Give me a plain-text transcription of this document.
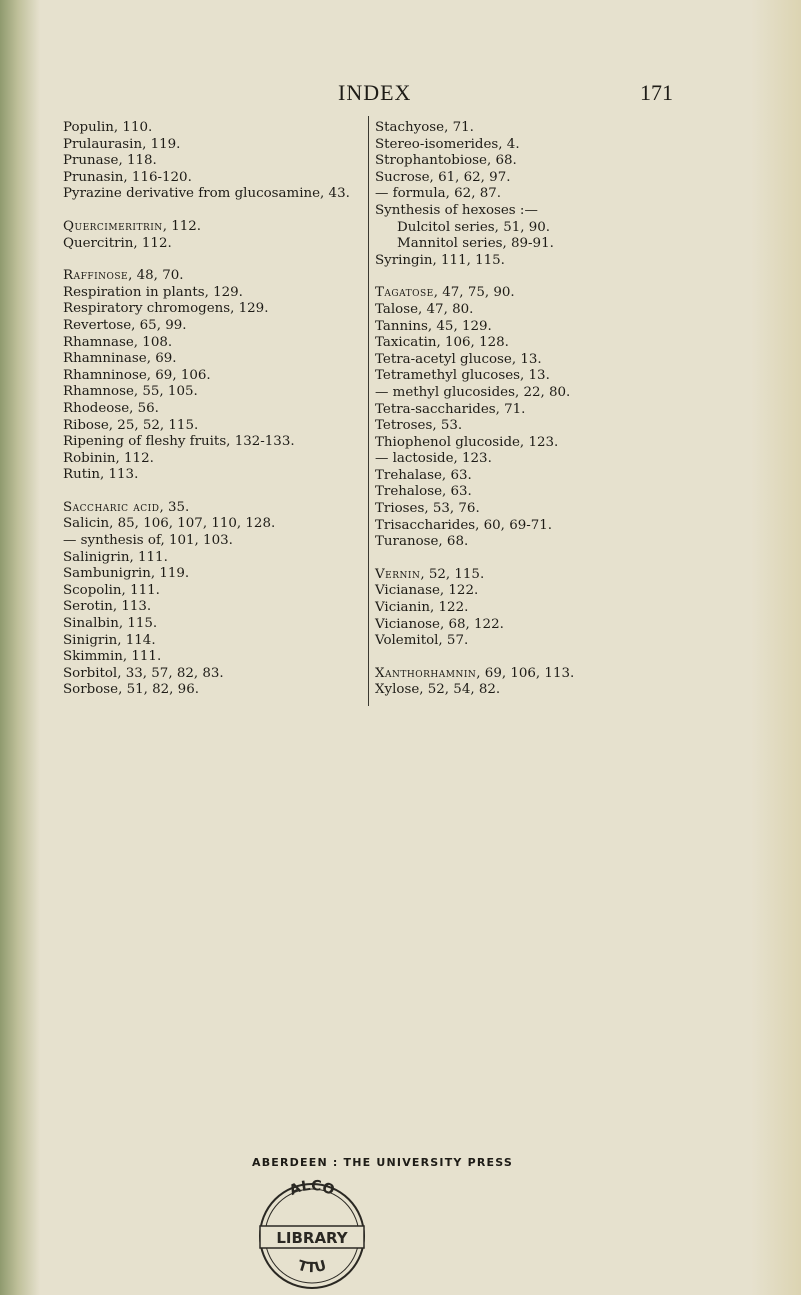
INDEX	171
Populin, 110.
Prulaurasin, 119.
Prunase, 118.
Prunasin, 116-120.
Pyrazine derivative from glucosamine, 43.
Quercimeritrin, 112.
Quercitrin, 112.
Raffinose, 48, 70.
Respiration in plants, 129.
Respiratory chromogens, 129.
Revertose, 65, 99.
Rhamnase, 108.
Rhamninase, 69.
Rhamninose, 69, 106.
Rhamnose, 55, 105.
Rhodeose, 56.
Ribose, 25, 52, 115.
Ripening of fleshy fruits, 132-133.
Robinin, 112.
Rutin, 113.
Saccharic acid, 35.
Salicin, 85, 106, 107, 110, 128.
— synthesis of, 101, 103.
Salinigrin, 111.
Sambunigrin, 119.
Scopolin, 111.
Serotin, 113.
Sinalbin, 115.
Sinigrin, 114.
Skimmin, 111.
Sorbitol, 33, 57, 82, 83.
Sorbose, 51, 82, 96.
Stachyose, 71.
Stereo-isomerides, 4.
Strophantobiose, 68.
Sucrose, 61, 62, 97.
— formula, 62, 87.
Synthesis of hexoses :—
Dulcitol series, 51, 90.
Mannitol series, 89-91.
Syringin, 111, 115.
Tagatose, 47, 75, 90.
Talose, 47, 80.
Tannins, 45, 129.
Taxicatin, 106, 128.
Tetra-acetyl glucose, 13.
Tetramethyl glucoses, 13.
— methyl glucosides, 22, 80.
Tetra-saccharides, 71.
Tetroses, 53.
Thiophenol glucoside, 123.
— lactoside, 123.
Trehalase, 63.
Trehalose, 63.
Trioses, 53, 76.
Trisaccharides, 60, 69-71.
Turanose, 68.
Vernin, 52, 115.
Vicianase, 122.
Vicianin, 122.
Vicianose, 68, 122.
Volemitol, 57.
Xanthorhamnin, 69, 106, 113.
Xylose, 52, 54, 82.
ABERDEEN : THE UNIVERSITY PRESS
ALCO
LIBRARY
TTU
